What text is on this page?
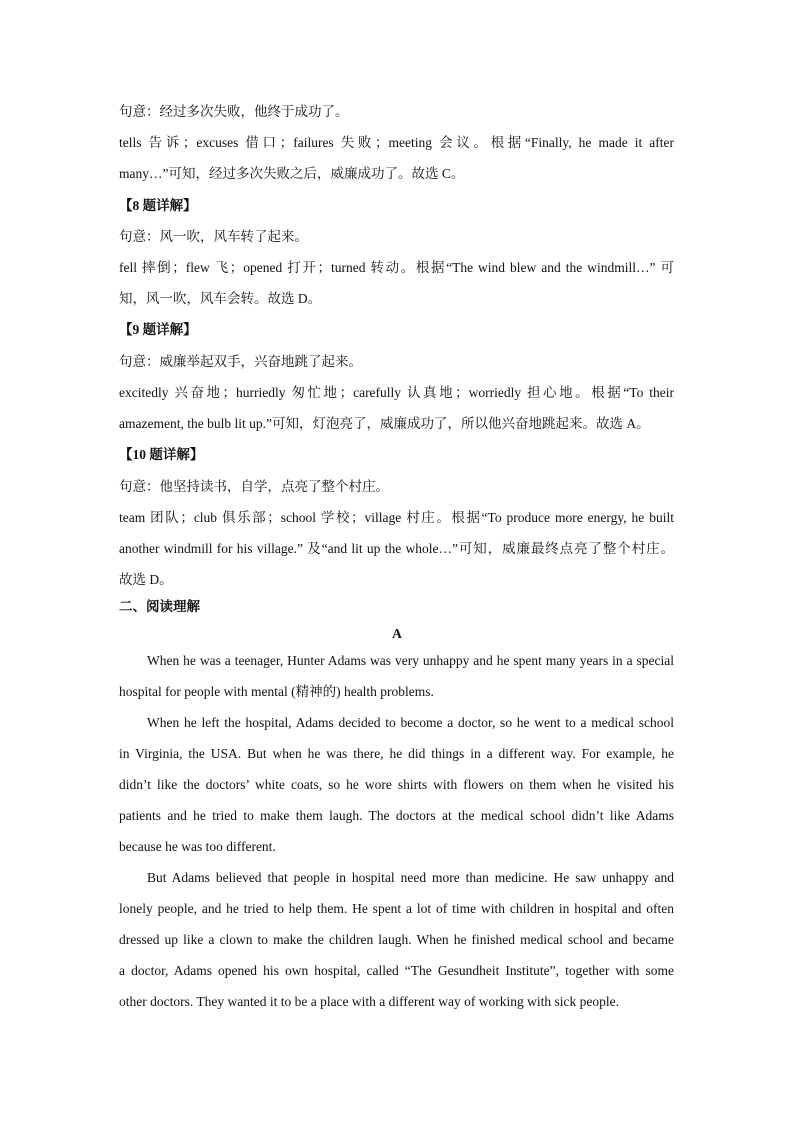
句意：经过多次失败，他终于成功了。
tells 告诉；excuses 借口；failures 失败；meeting 会议。根据“Finally, he made it after
many…”可知，经过多次失败之后，威廉成功了。故选 C。
【8 题详解】
句意：风一吹，风车转了起来。
fell 摔倒；flew 飞；opened 打开；turned 转动。根据“The wind blew and the windmill…” 可
知，风一吹，风车会转。故选 D。
【9 题详解】
句意：威廉举起双手，兴奋地跳了起来。
excitedly 兴奋地；hurriedly 匆忙地；carefully 认真地；worriedly 担心地。根据“To their
amazement, the bulb lit up.”可知，灯泡亮了，威廉成功了，所以他兴奋地跳起来。故选 A。
【10 题详解】
句意：他坚持读书，自学，点亮了整个村庄。
team 团队；club 俱乐部；school 学校；village 村庄。根据“To produce more energy, he built
another windmill for his village.” 及“and lit up the whole…”可知，威廉最终点亮了整个村庄。
故选 D。
二、阅读理解
A
When he was a teenager, Hunter Adams was very unhappy and he spent many years in a special
hospital for people with mental (精神的) health problems.
When he left the hospital, Adams decided to become a doctor, so he went to a medical school
in Virginia, the USA. But when he was there, he did things in a different way. For example, he
didn’t like the doctors’ white coats, so he wore shirts with flowers on them when he visited his
patients and he tried to make them laugh. The doctors at the medical school didn’t like Adams
because he was too different.
But Adams believed that people in hospital need more than medicine. He saw unhappy and
lonely people, and he tried to help them. He spent a lot of time with children in hospital and often
dressed up like a clown to make the children laugh. When he finished medical school and became
a doctor, Adams opened his own hospital, called “The Gesundheit Institute”, together with some
other doctors. They wanted it to be a place with a different way of working with sick people.
